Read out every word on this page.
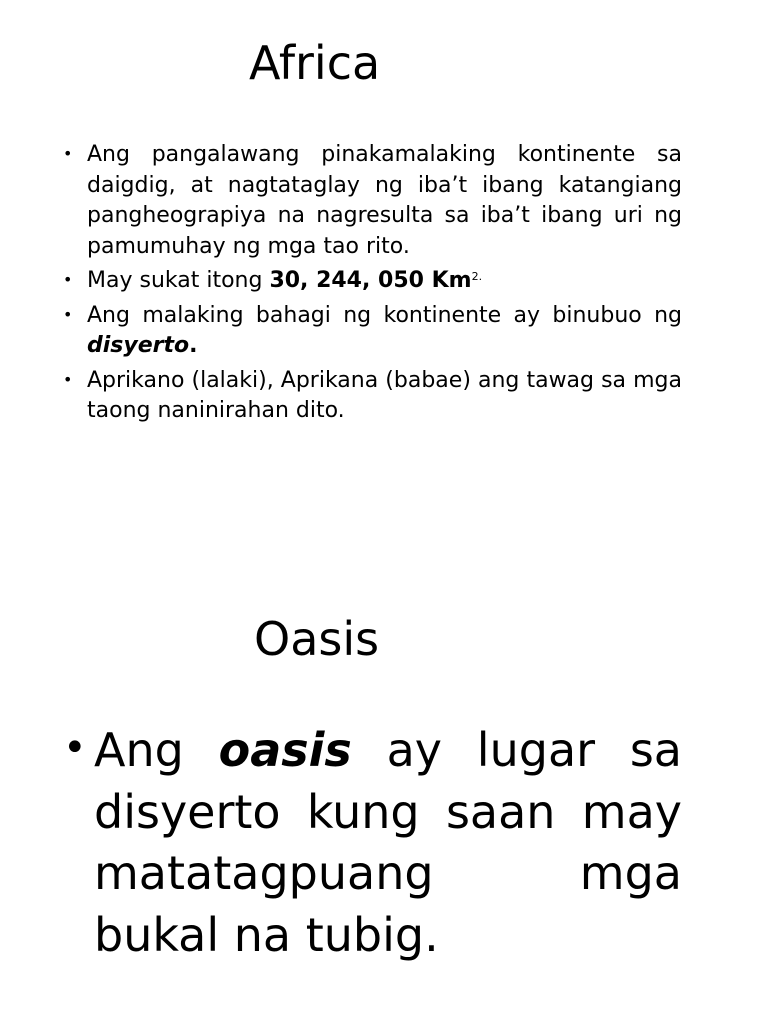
Africa
• Ang pangalawang pinakamalaking kontinente sa daigdig, at nagtataglay ng iba’t ibang katangiang pangheograpiya na nagresulta sa iba’t ibang uri ng pamumuhay ng mga tao rito.
• May sukat itong 30, 244, 050 $Km^{2.}$
• Ang malaking bahagi ng kontinente ay binubuo ng disyerto.
• Aprikano (lalaki), Aprikana (babae) ang tawag sa mga taong naninirahan dito.
Oasis
• Ang oasis ay lugar sa disyerto kung saan may matatagpuang mga bukal na tubig.
